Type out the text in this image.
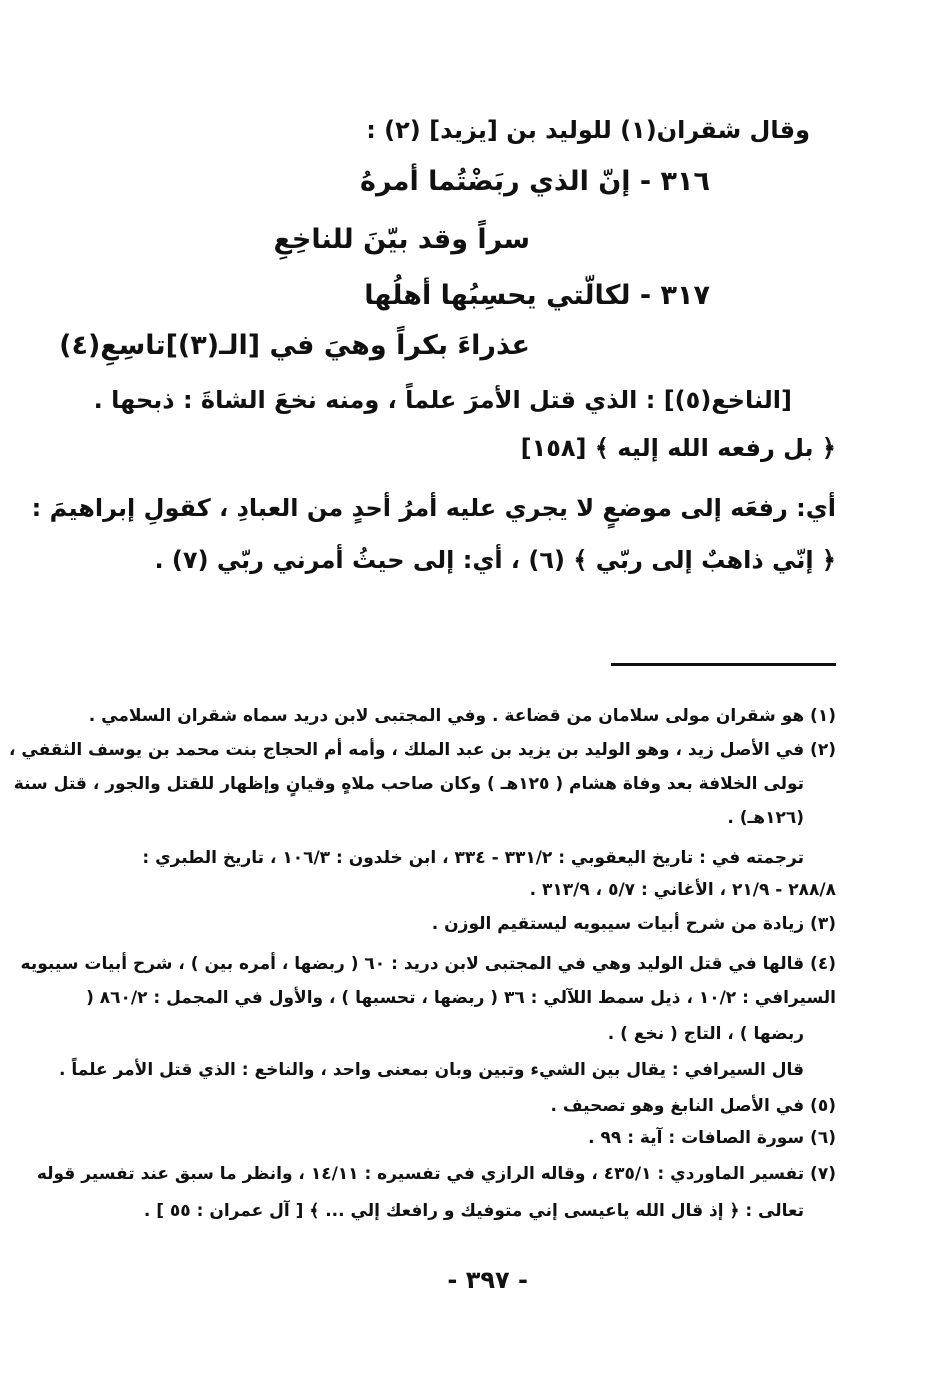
وقال شقران(١) للوليد بن [يزيد] (٢) :
٣١٦ - إنّ الذي ربَضْتُما أمرهُ
سراً وقد بيّنَ للناخِعِ
٣١٧ - لكالّتي يحسِبُها أهلُها
عذراءَ بكراً وهيَ في [الـ(٣)]تاسِعِ(٤)
[الناخع(٥)] : الذي قتل الأمرَ علماً ، ومنه نخعَ الشاةَ : ذبحها .
﴿ بل رفعه الله إليه ﴾ [١٥٨]
أي: رفعَه إلى موضعٍ لا يجري عليه أمرُ أحدٍ من العبادِ ، كقولِ إبراهيمَ :
﴿ إنّي ذاهبٌ إلى ربّي ﴾ (٦) ، أي: إلى حيثُ أمرني ربّي (٧) .
(١) هو شقران مولى سلامان من قضاعة . وفي المجتبى لابن دريد سماه شقران السلامي .
(٢) في الأصل زيد ، وهو الوليد بن يزيد بن عبد الملك ، وأمه أم الحجاج بنت محمد بن يوسف الثقفي ،
تولى الخلافة بعد وفاة هشام ( ١٢٥هـ ) وكان صاحب ملاهٍ وقيانٍ وإظهار للقتل والجور ، قتل سنة
(١٢٦هـ) .
ترجمته في : تاريخ اليعقوبي : ٣٣١/٢ - ٣٣٤ ، ابن خلدون : ١٠٦/٣ ، تاريخ الطبري :
٢٨٨/٨ - ٢١/٩ ، الأغاني : ٥/٧ ، ٣١٣/٩ .
(٣) زيادة من شرح أبيات سيبويه ليستقيم الوزن .
(٤) قالها في قتل الوليد وهي في المجتبى لابن دريد : ٦٠ ( ربضها ، أمره بين ) ، شرح أبيات سيبويه
السيرافي : ١٠/٢ ، ذيل سمط اللآلي : ٣٦ ( ربضها ، تحسبها ) ، والأول في المجمل : ٨٦٠/٢ (
ربضها ) ، التاج ( نخع ) .
قال السيرافي : يقال بين الشيء وتبين وبان بمعنى واحد ، والناخع : الذي قتل الأمر علماً .
(٥) في الأصل النابغ وهو تصحيف .
(٦) سورة الصافات : آية : ٩٩ .
(٧) تفسير الماوردي : ٤٣٥/١ ، وقاله الرازي في تفسيره : ١٤/١١ ، وانظر ما سبق عند تفسير قوله
تعالى : ﴿ إذ قال الله ياعيسى إني متوفيك و رافعك إلي ... ﴾ [ آل عمران : ٥٥ ] .
- ٣٩٧ -
